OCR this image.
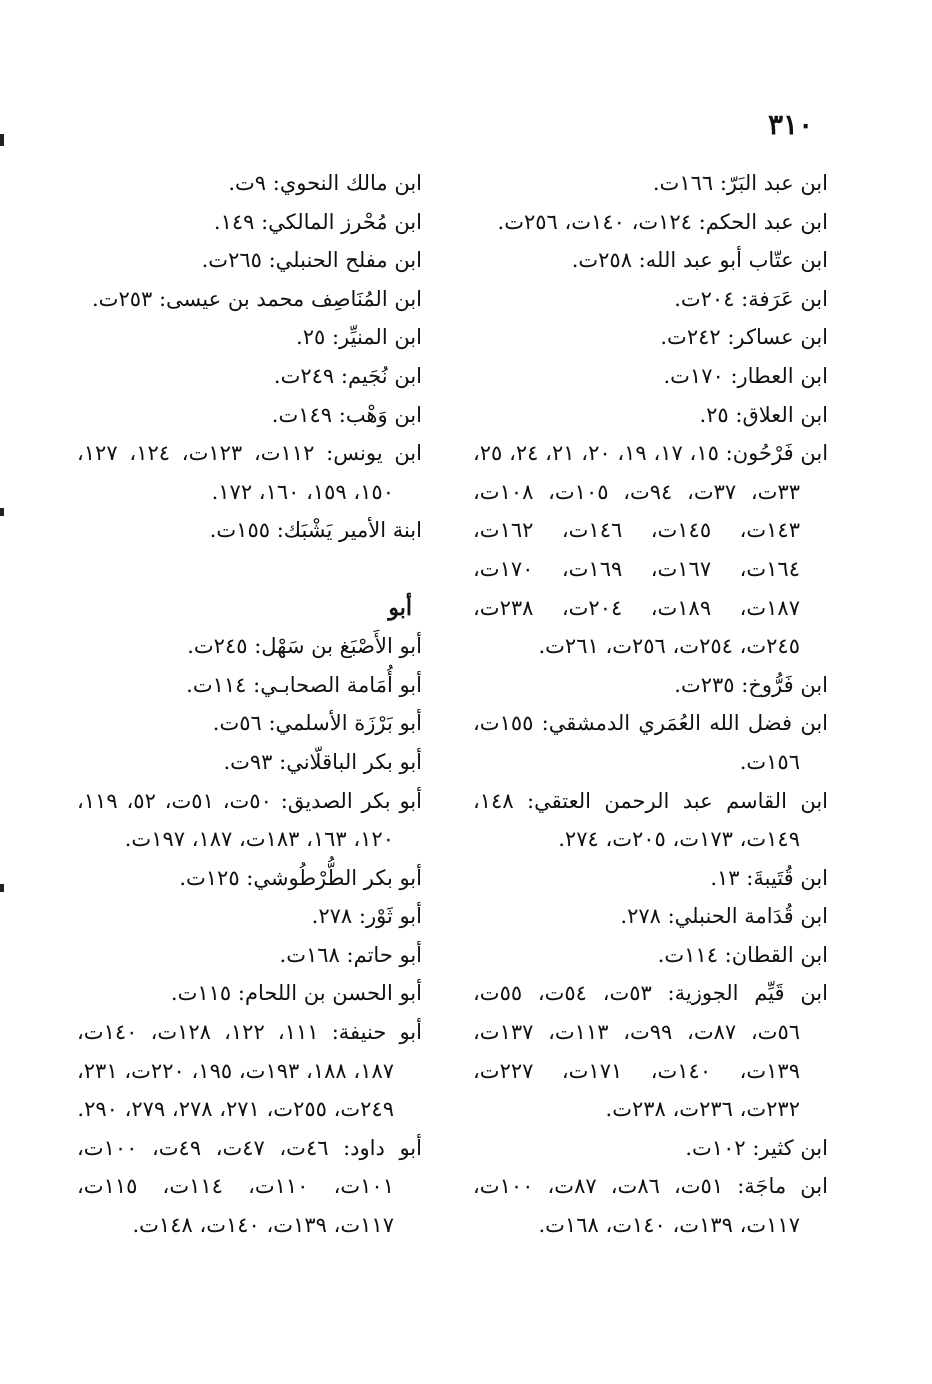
٣١٠

ابن عبد البَرّ: ١٦٦ت.

ابن عبد الحكم: ١٢٤ت، ١٤٠ت، ٢٥٦ت.

ابن عتّاب أبو عبد الله: ٢٥٨ت.

ابن عَرَفة: ٢٠٤ت.

ابن عساكر: ٢٤٢ت.

ابن العطار: ١٧٠ت.

ابن العلاق: ٢٥.

ابن فَرْحُون: ١٥، ١٧، ١٩، ٢٠، ٢١، ٢٤، ٢٥، ٣٣ت، ٣٧ت، ٩٤ت، ١٠٥ت، ١٠٨ت، ١٤٣ت، ١٤٥ت، ١٤٦ت، ١٦٢ت، ١٦٤ت، ١٦٧ت، ١٦٩ت، ١٧٠ت، ١٨٧ت، ١٨٩ت، ٢٠٤ت، ٢٣٨ت، ٢٤٥ت، ٢٥٤ت، ٢٥٦ت، ٢٦١ت.

ابن فَرُّوخ: ٢٣٥ت.

ابن فضل الله العُمَري الدمشقي: ١٥٥ت، ١٥٦ت.

ابن القاسم عبد الرحمن العتقي: ١٤٨، ١٤٩ت، ١٧٣ت، ٢٠٥ت، ٢٧٤.

ابن قُتَيبةَ: ١٣.

ابن قُدَامة الحنبلي: ٢٧٨.

ابن القطان: ١١٤ت.

ابن قَيِّم الجوزية: ٥٣ت، ٥٤ت، ٥٥ت، ٥٦ت، ٨٧ت، ٩٩ت، ١١٣ت، ١٣٧ت، ١٣٩ت، ١٤٠ت، ١٧١ت، ٢٢٧ت، ٢٣٢ت، ٢٣٦ت، ٢٣٨ت.

ابن كثير: ١٠٢ت.

ابن ماجَة: ٥١ت، ٨٦ت، ٨٧ت، ١٠٠ت، ١١٧ت، ١٣٩ت، ١٤٠ت، ١٦٨ت.

ابن مالك النحوي: ٩ت.

ابن مُحْرز المالكي: ١٤٩.

ابن مفلح الحنبلي: ٢٦٥ت.

ابن المُنَاصِف محمد بن عيسى: ٢٥٣ت.

ابن المنيِّر: ٢٥.

ابن نُجَيم: ٢٤٩ت.

ابن وَهْب: ١٤٩ت.

ابن يونس: ١١٢ت، ١٢٣ت، ١٢٤، ١٢٧، ١٥٠، ١٥٩، ١٦٠، ١٧٢.

ابنة الأمير يَشْبَك: ١٥٥ت.

أبو

أبو الأَصْبَغ بن سَهْل: ٢٤٥ت.

أبو أُمَامة الصحابـي: ١١٤ت.

أبو بَرْزَة الأسلمي: ٥٦ت.

أبو بكر الباقلّاني: ٩٣ت.

أبو بكر الصديق: ٥٠ت، ٥١ت، ٥٢، ١١٩، ١٢٠، ١٦٣، ١٨٣ت، ١٨٧، ١٩٧ت.

أبو بكر الطُّرْطُوشي: ١٢٥ت.

أبو ثَوْر: ٢٧٨.

أبو حاتم: ١٦٨ت.

أبو الحسن بن اللحام: ١١٥ت.

أبو حنيفة: ١١١، ١٢٢، ١٢٨ت، ١٤٠ت، ١٨٧، ١٨٨، ١٩٣ت، ١٩٥، ٢٢٠ت، ٢٣١، ٢٤٩ت، ٢٥٥ت، ٢٧١، ٢٧٨، ٢٧٩، ٢٩٠.

أبو داود: ٤٦ت، ٤٧ت، ٤٩ت، ١٠٠ت، ١٠١ت، ١١٠ت، ١١٤ت، ١١٥ت، ١١٧ت، ١٣٩ت، ١٤٠ت، ١٤٨ت.
